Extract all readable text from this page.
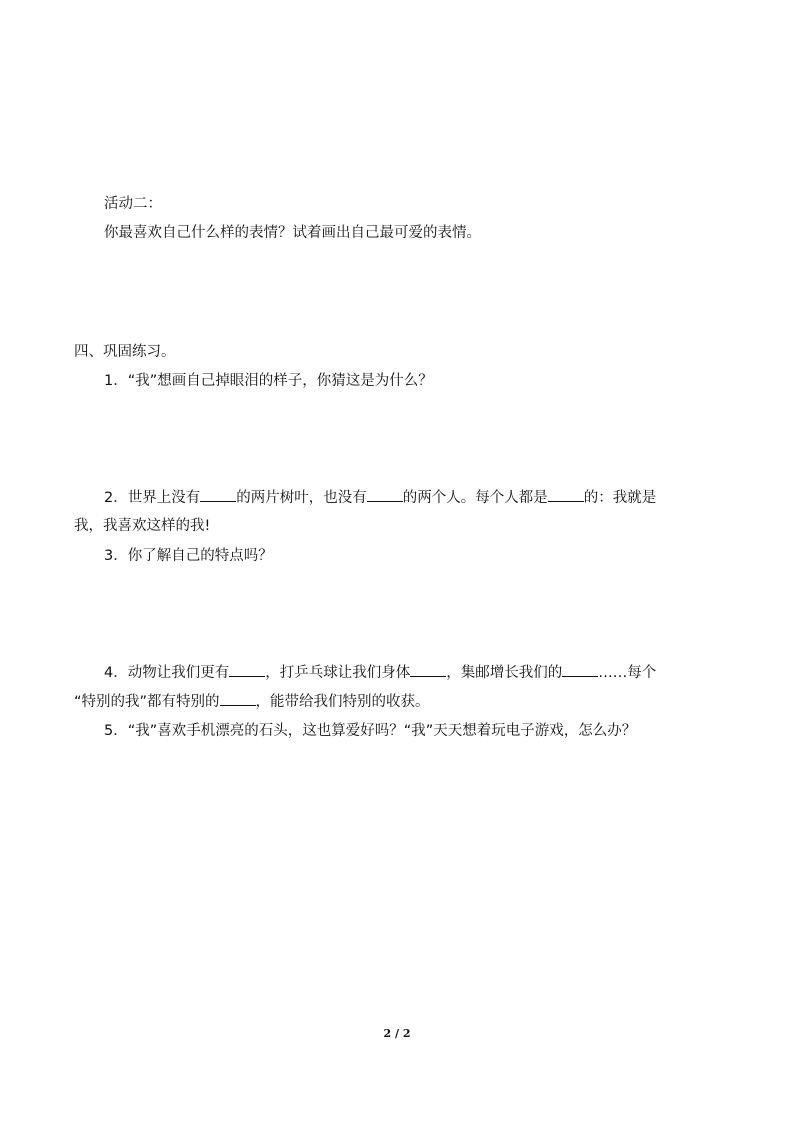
活动二：
你最喜欢自己什么样的表情？试着画出自己最可爱的表情。
四、巩固练习。
1．“我”想画自己掉眼泪的样子，你猜这是为什么？
2．世界上没有 的两片树叶，也没有 的两个人。每个人都是 的：我就是
我，我喜欢这样的我!
3．你了解自己的特点吗？
4．动物让我们更有 ，打乒乓球让我们身体 ，集邮增长我们的 ……每个
“特别的我”都有特别的 ，能带给我们特别的收获。
5．“我”喜欢手机漂亮的石头，这也算爱好吗？“我”天天想着玩电子游戏，怎么办？
2 / 2
